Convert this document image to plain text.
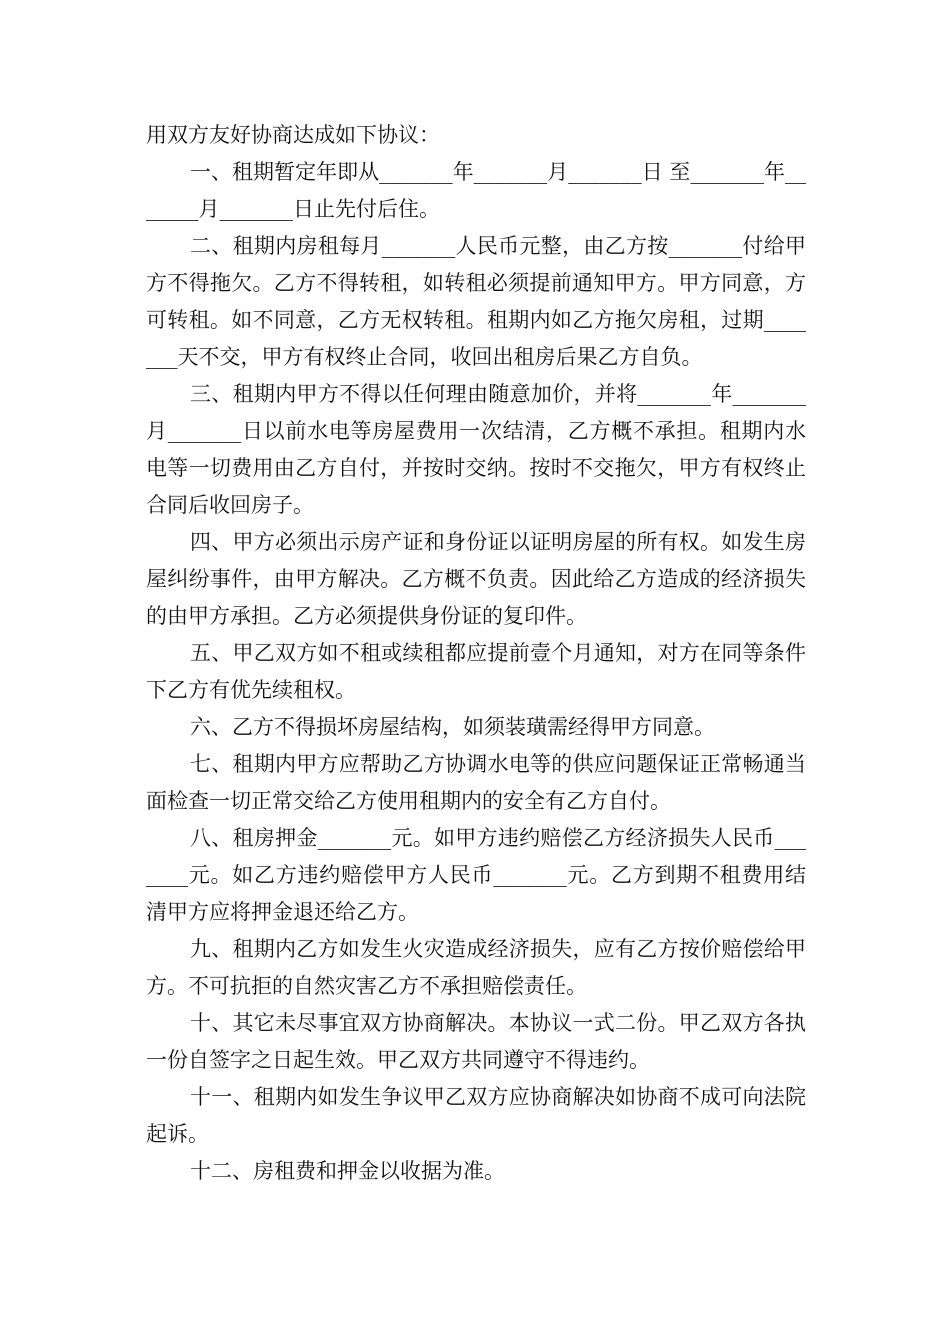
用双方友好协商达成如下协议：

一、租期暂定年即从_______年_______月_______日 至_______年_______月_______日止先付后住。

二、租期内房租每月_______人民币元整，由乙方按_______付给甲方不得拖欠。乙方不得转租，如转租必须提前通知甲方。甲方同意，方可转租。如不同意，乙方无权转租。租期内如乙方拖欠房租，过期_______天不交，甲方有权终止合同，收回出租房后果乙方自负。

三、租期内甲方不得以任何理由随意加价，并将_______年_______月_______日以前水电等房屋费用一次结清，乙方概不承担。租期内水电等一切费用由乙方自付，并按时交纳。按时不交拖欠，甲方有权终止合同后收回房子。

四、甲方必须出示房产证和身份证以证明房屋的所有权。如发生房屋纠纷事件，由甲方解决。乙方概不负责。因此给乙方造成的经济损失的由甲方承担。乙方必须提供身份证的复印件。

五、甲乙双方如不租或续租都应提前壹个月通知，对方在同等条件下乙方有优先续租权。

六、乙方不得损坏房屋结构，如须装璜需经得甲方同意。

七、租期内甲方应帮助乙方协调水电等的供应问题保证正常畅通当面检查一切正常交给乙方使用租期内的安全有乙方自付。

八、租房押金_______元。如甲方违约赔偿乙方经济损失人民币_______元。如乙方违约赔偿甲方人民币_______元。乙方到期不租费用结清甲方应将押金退还给乙方。

九、租期内乙方如发生火灾造成经济损失，应有乙方按价赔偿给甲方。不可抗拒的自然灾害乙方不承担赔偿责任。

十、其它未尽事宜双方协商解决。本协议一式二份。甲乙双方各执一份自签字之日起生效。甲乙双方共同遵守不得违约。

十一、租期内如发生争议甲乙双方应协商解决如协商不成可向法院起诉。

十二、房租费和押金以收据为准。
